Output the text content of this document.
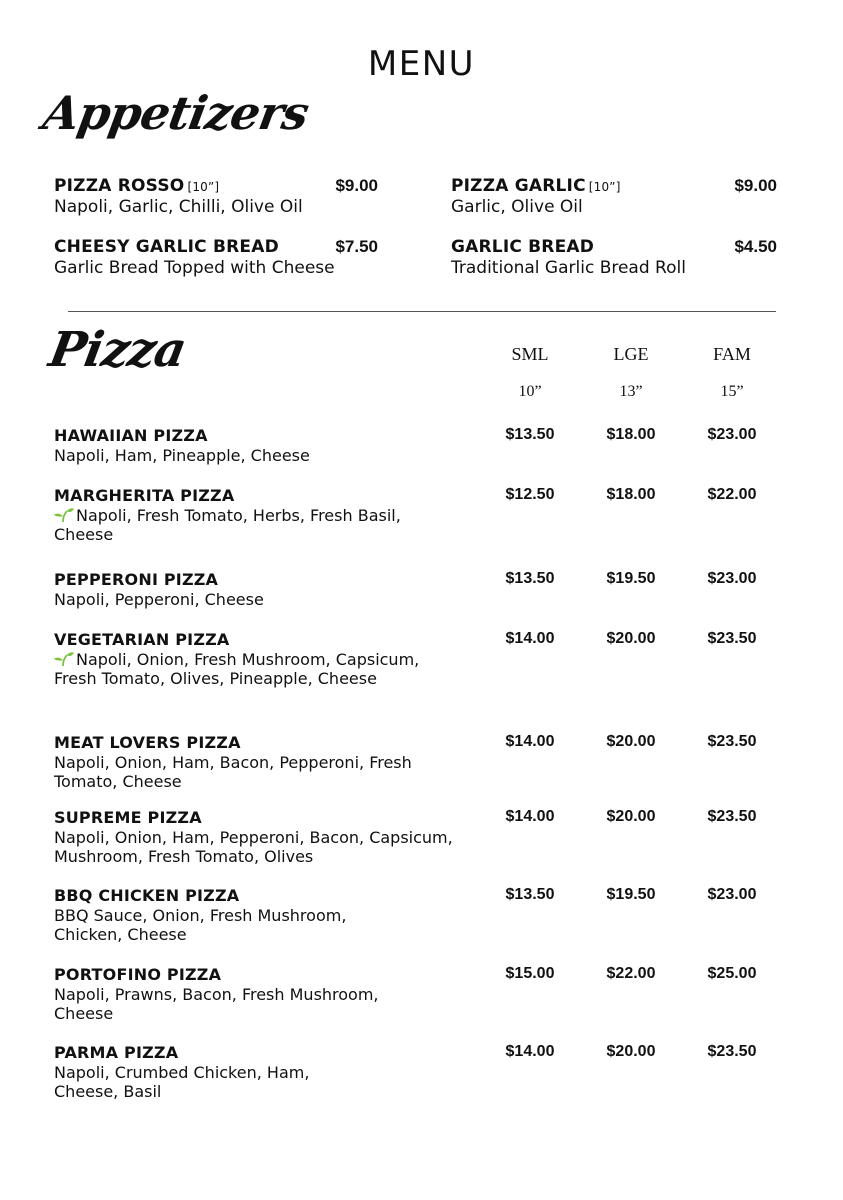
MENU
Appetizers
PIZZA ROSSO [10”]	$9.00
Napoli, Garlic, Chilli, Olive Oil
PIZZA GARLIC [10”]	$9.00
Garlic, Olive Oil
CHEESY GARLIC BREAD	$7.50
Garlic Bread Topped with Cheese
GARLIC BREAD	$4.50
Traditional Garlic Bread Roll
Pizza	SML	LGE	FAM
10”	13”	15”
HAWAIIAN PIZZA
Napoli, Ham, Pineapple, Cheese
$13.50	$18.00	$23.00
MARGHERITA PIZZA
Napoli, Fresh Tomato, Herbs, Fresh Basil, Cheese
$12.50	$18.00	$22.00
PEPPERONI PIZZA
Napoli, Pepperoni, Cheese
$13.50	$19.50	$23.00
VEGETARIAN PIZZA
Napoli, Onion, Fresh Mushroom, Capsicum, Fresh Tomato, Olives, Pineapple, Cheese
$14.00	$20.00	$23.50
MEAT LOVERS PIZZA
Napoli, Onion, Ham, Bacon, Pepperoni, Fresh Tomato, Cheese
$14.00	$20.00	$23.50
SUPREME PIZZA
Napoli, Onion, Ham, Pepperoni, Bacon, Capsicum, Mushroom, Fresh Tomato, Olives
$14.00	$20.00	$23.50
BBQ CHICKEN PIZZA
BBQ Sauce, Onion, Fresh Mushroom, Chicken, Cheese
$13.50	$19.50	$23.00
PORTOFINO PIZZA
Napoli, Prawns, Bacon, Fresh Mushroom, Cheese
$15.00	$22.00	$25.00
PARMA PIZZA
Napoli, Crumbed Chicken, Ham, Cheese, Basil
$14.00	$20.00	$23.50
